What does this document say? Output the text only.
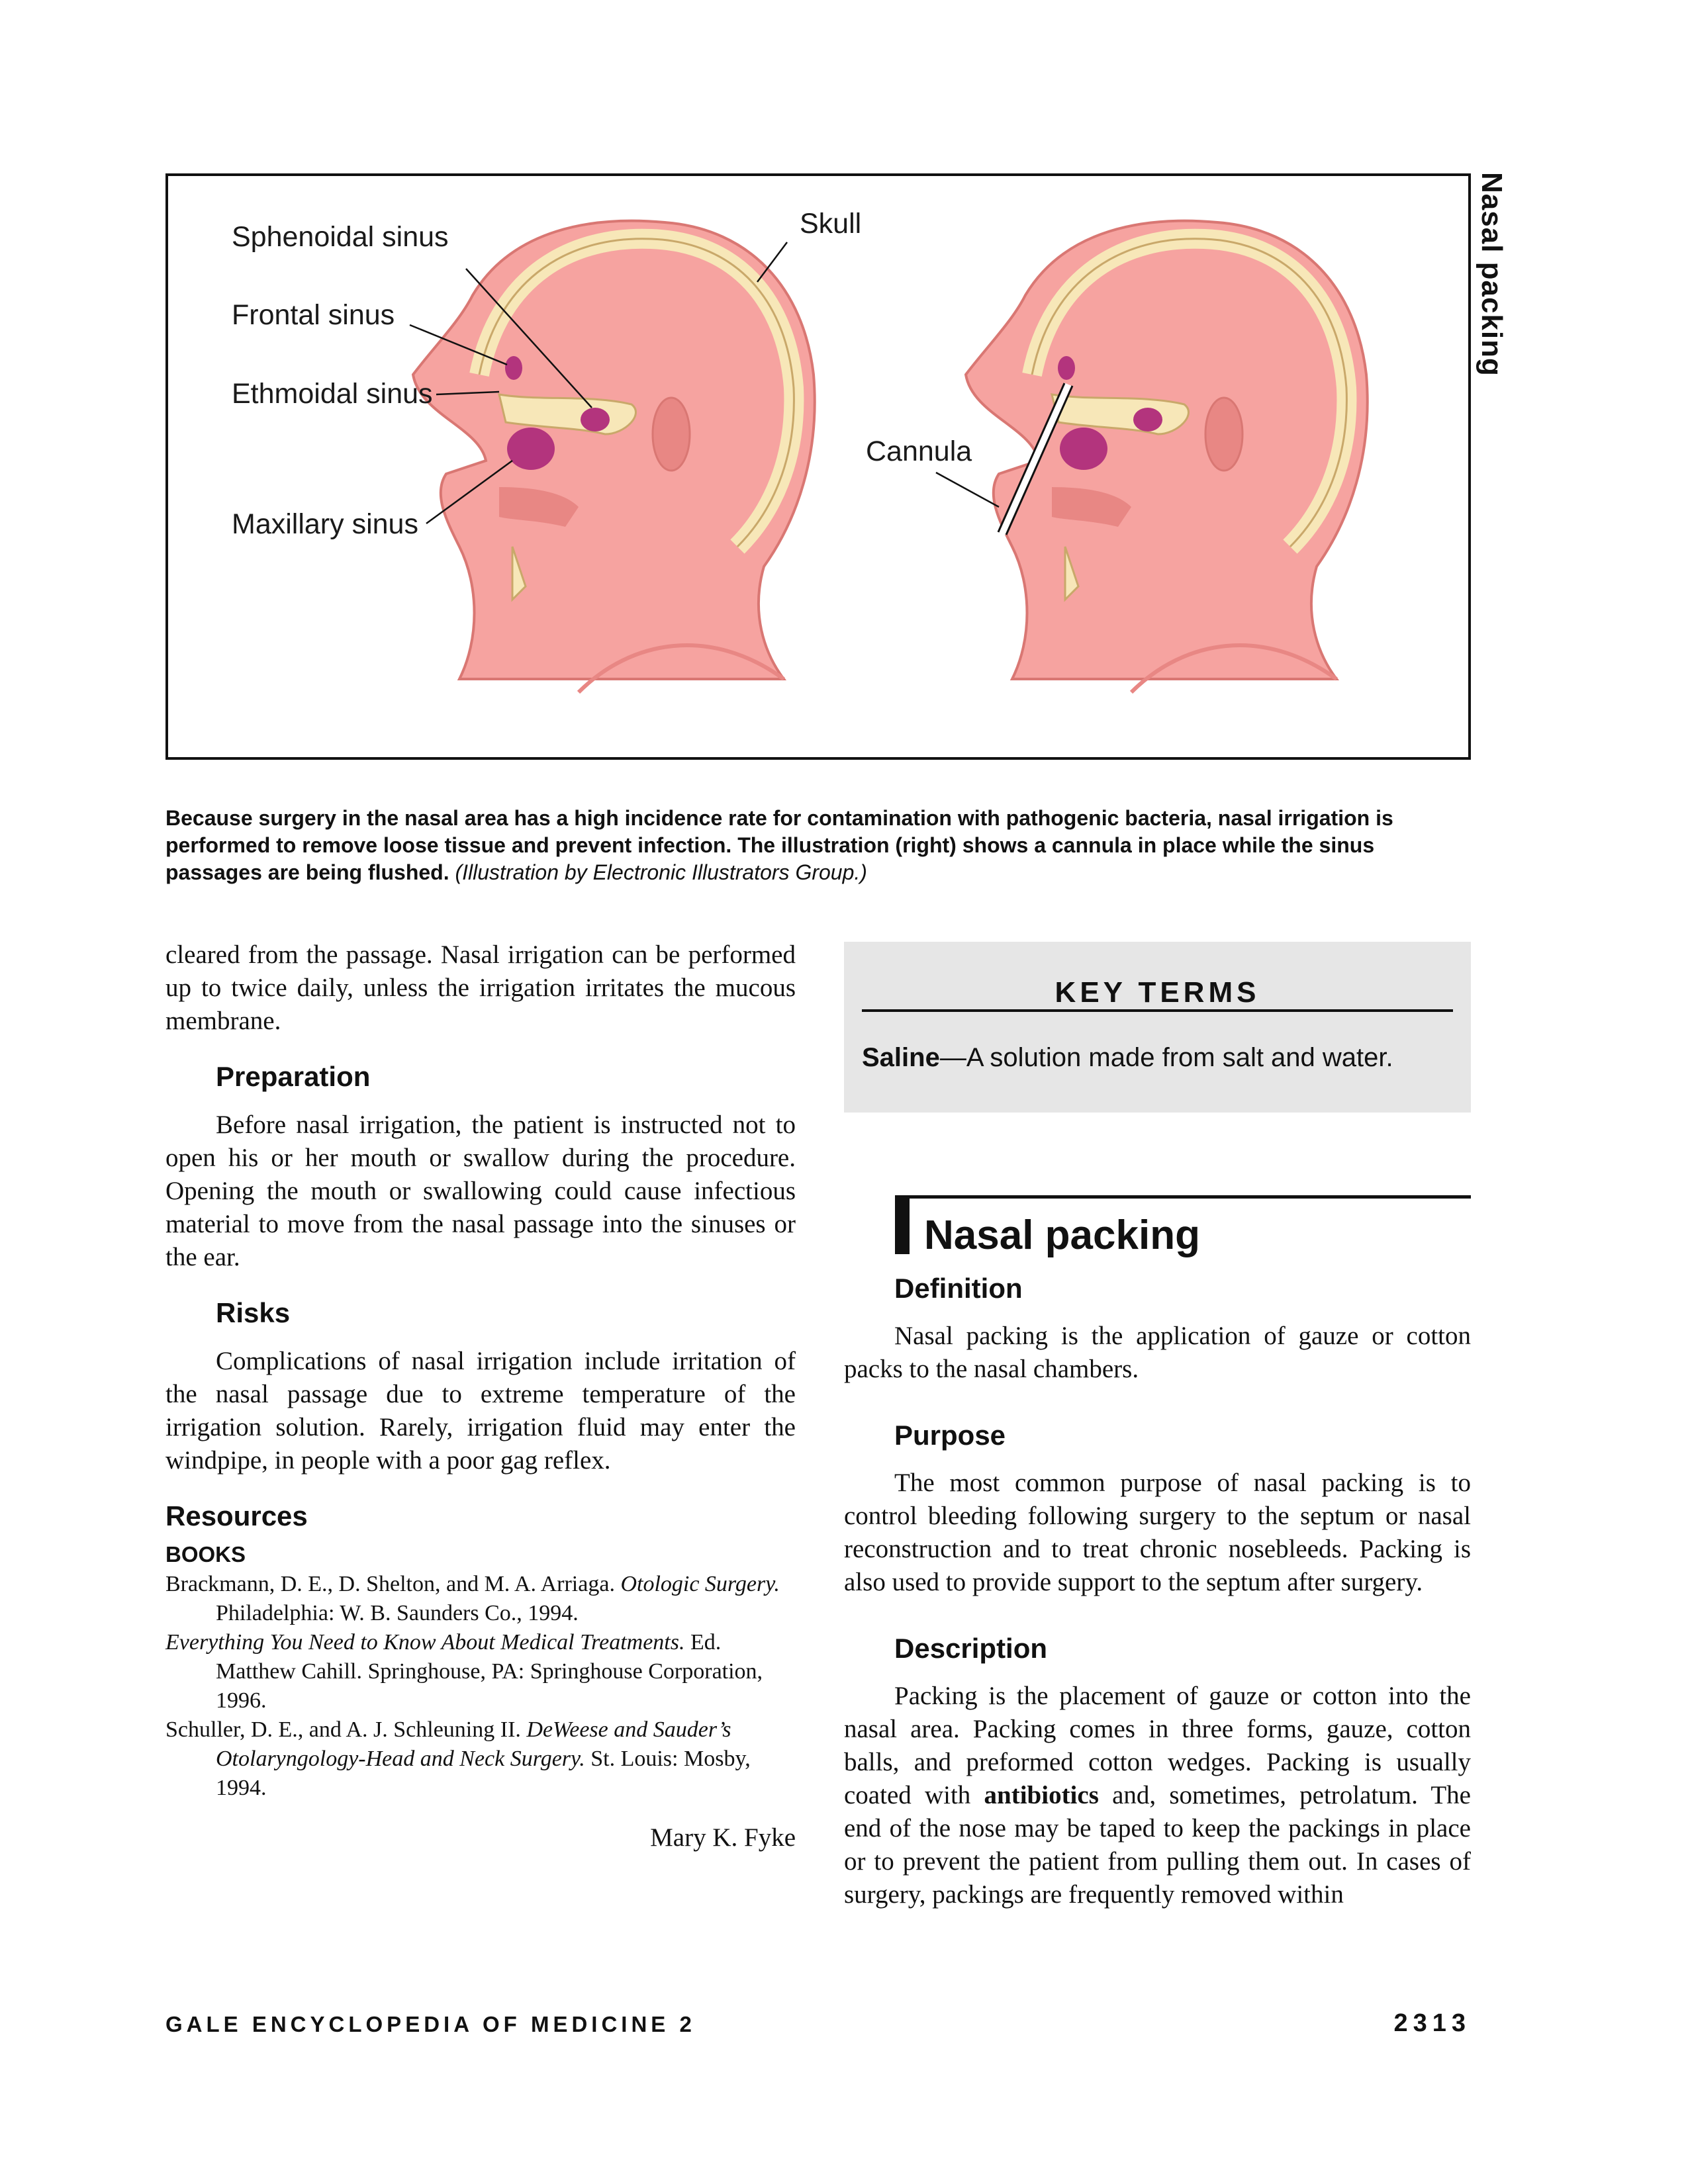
Nasal packing
Sphenoidal sinus
Frontal sinus
Ethmoidal sinus
Maxillary sinus
Skull
Cannula
Because surgery in the nasal area has a high incidence rate for contamination with pathogenic bacteria, nasal irrigation is performed to remove loose tissue and prevent infection. The illustration (right) shows a cannula in place while the sinus passages are being flushed. (Illustration by Electronic Illustrators Group.)

cleared from the passage. Nasal irrigation can be performed up to twice daily, unless the irrigation irritates the mucous membrane.

Preparation

Before nasal irrigation, the patient is instructed not to open his or her mouth or swallow during the procedure. Opening the mouth or swallowing could cause infectious material to move from the nasal passage into the sinuses or the ear.

Risks

Complications of nasal irrigation include irritation of the nasal passage due to extreme temperature of the irrigation solution. Rarely, irrigation fluid may enter the windpipe, in people with a poor gag reflex.

Resources
BOOKS

Brackmann, D. E., D. Shelton, and M. A. Arriaga. Otologic Surgery. Philadelphia: W. B. Saunders Co., 1994.

Everything You Need to Know About Medical Treatments. Ed. Matthew Cahill. Springhouse, PA: Springhouse Corporation, 1996.

Schuller, D. E., and A. J. Schleuning II. DeWeese and Sauder’s Otolaryngology-Head and Neck Surgery. St. Louis: Mosby, 1994.

Mary K. Fyke

KEY TERMS
Saline—A solution made from salt and water.
Nasal packing
Definition

Nasal packing is the application of gauze or cotton packs to the nasal chambers.

Purpose

The most common purpose of nasal packing is to control bleeding following surgery to the septum or nasal reconstruction and to treat chronic nosebleeds. Packing is also used to provide support to the septum after surgery.

Description

Packing is the placement of gauze or cotton into the nasal area. Packing comes in three forms, gauze, cotton balls, and preformed cotton wedges. Packing is usually coated with antibiotics and, sometimes, petrolatum. The end of the nose may be taped to keep the packings in place or to prevent the patient from pulling them out. In cases of surgery, packings are frequently removed within

GALE ENCYCLOPEDIA OF MEDICINE 2	2313
